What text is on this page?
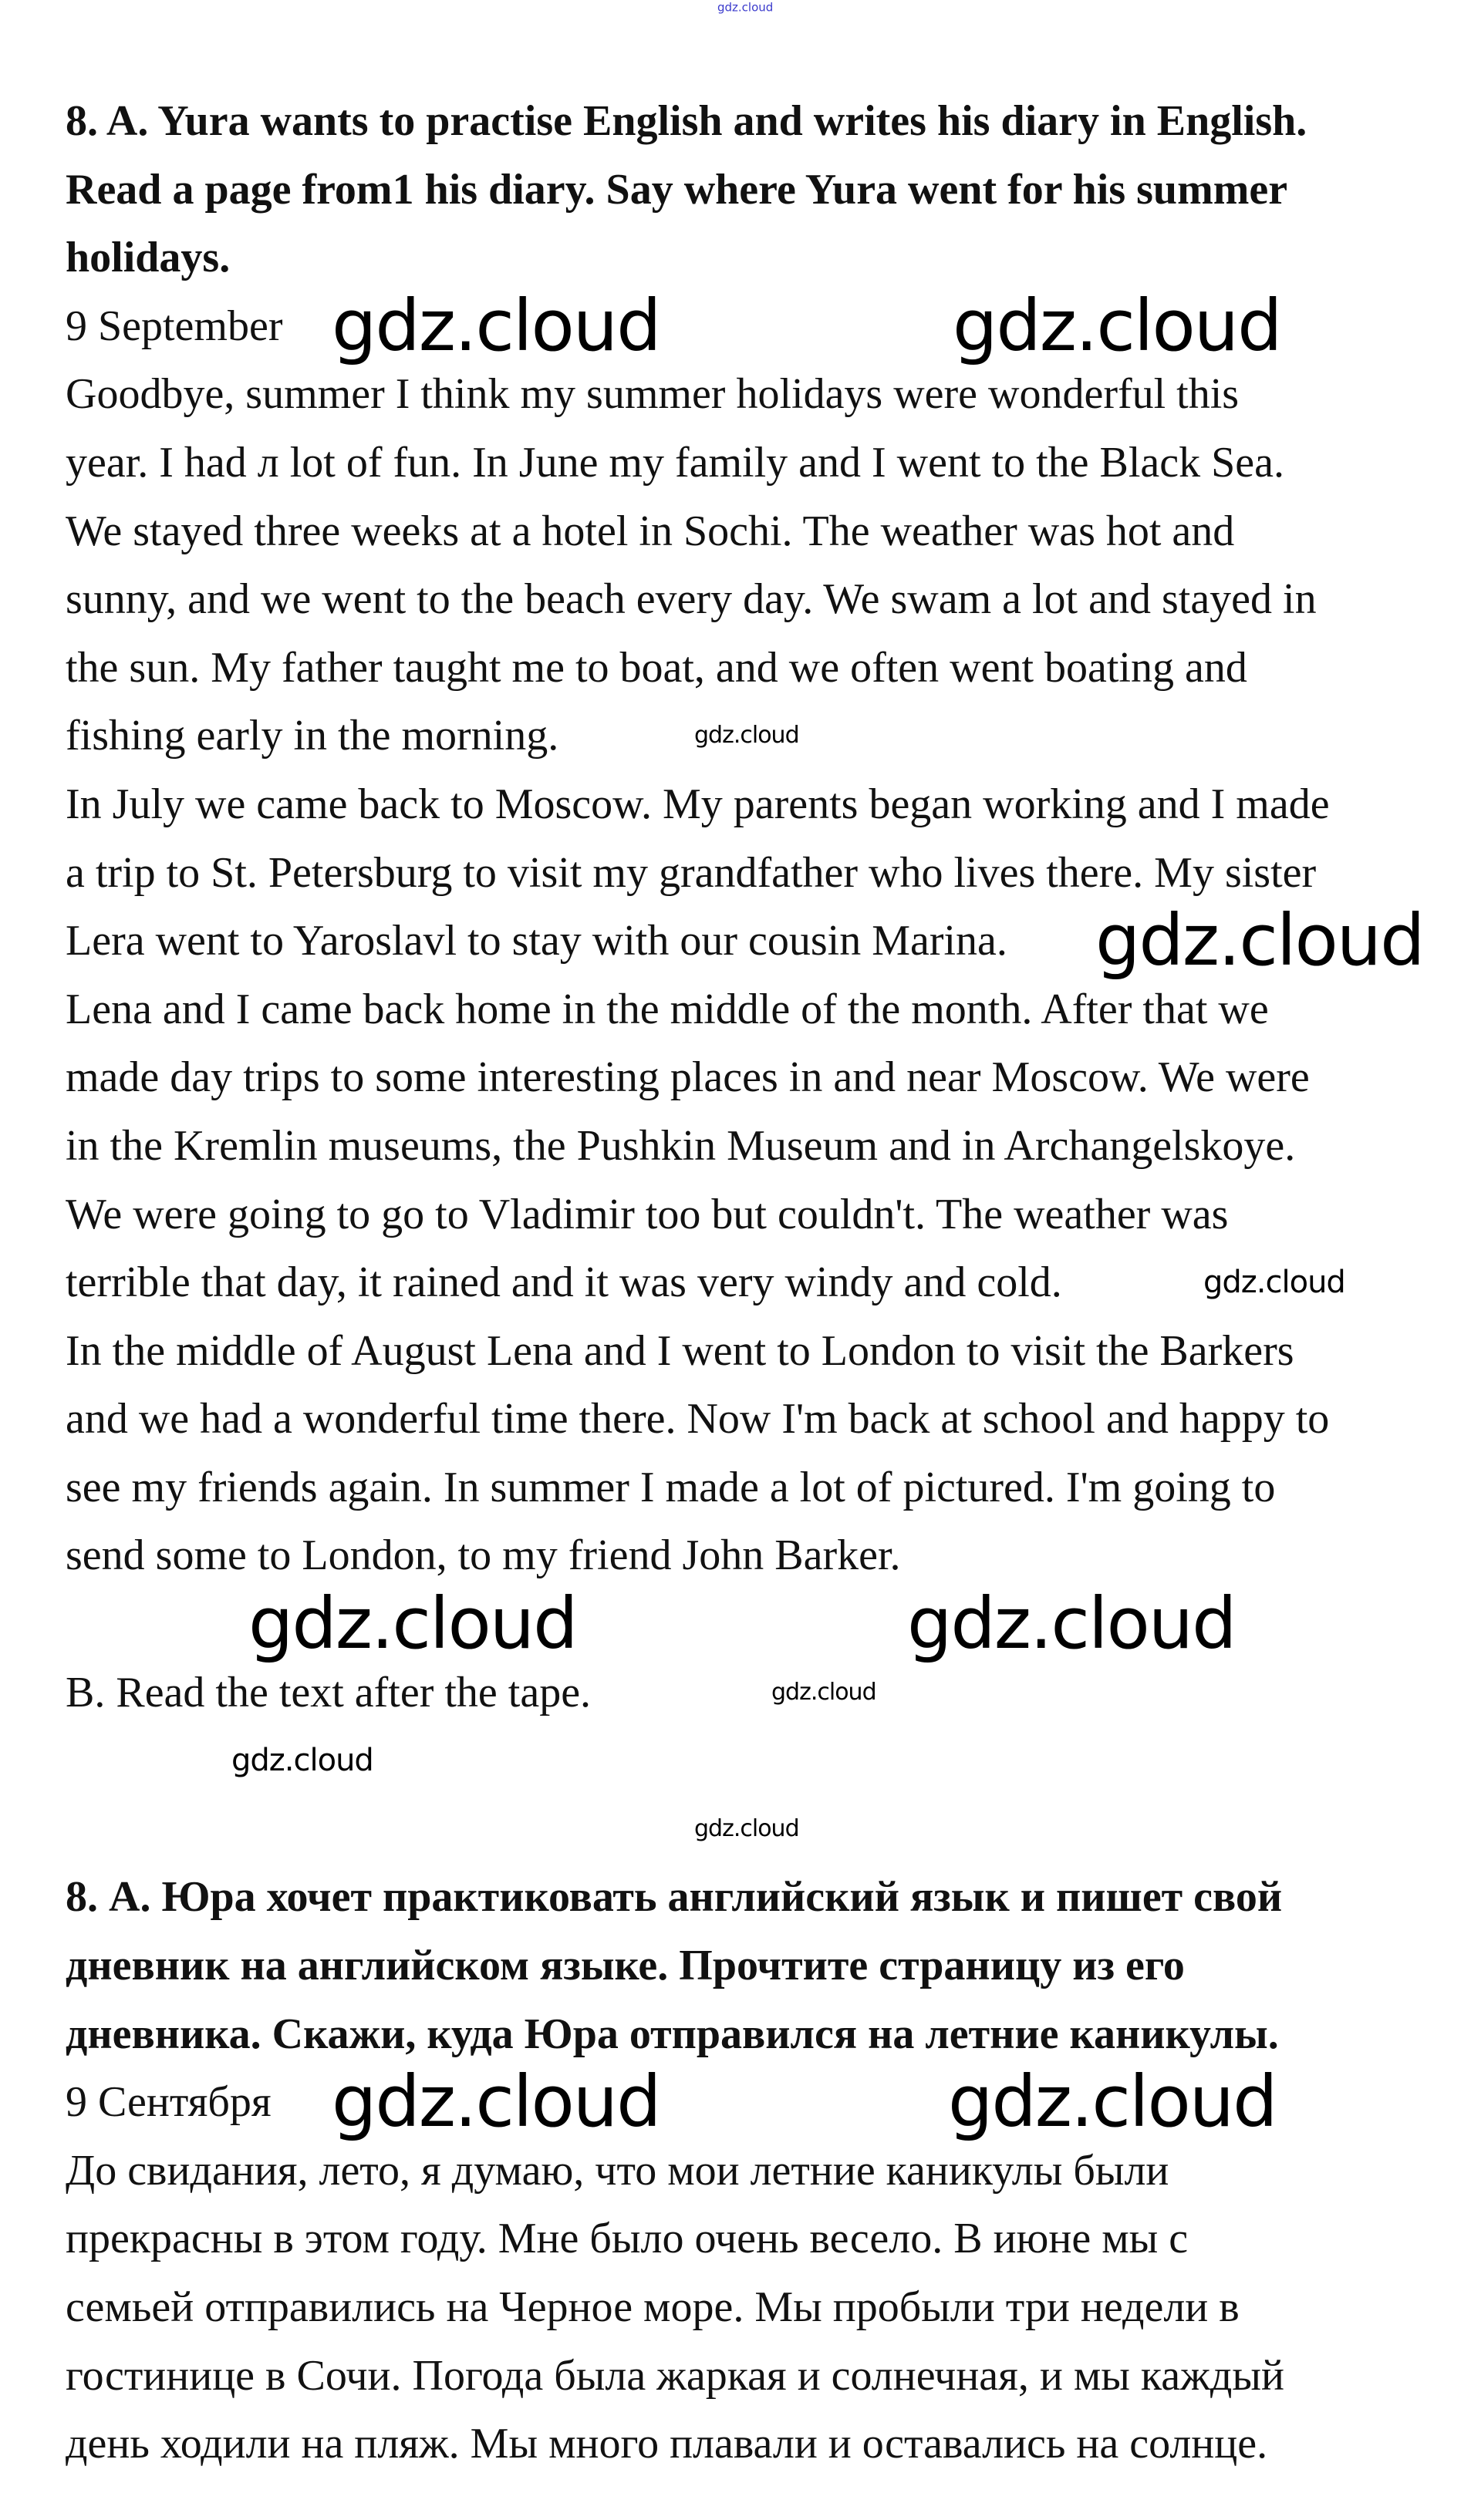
8. A. Yura wants to practise English and writes his diary in English.
Read a page from1 his diary. Say where Yura went for his summer
holidays.
9 September
Goodbye, summer I think my summer holidays were wonderful this
year. I had л lot of fun. In June my family and I went to the Black Sea.
We stayed three weeks at a hotel in Sochi. The weather was hot and
sunny, and we went to the beach every day. We swam a lot and stayed in
the sun. My father taught me to boat, and we often went boating and
fishing early in the morning.
In July we came back to Moscow. My parents began working and I made
a trip to St. Petersburg to visit my grandfather who lives there. My sister
Lera went to Yaroslavl to stay with our cousin Marina.
Lena and I came back home in the middle of the month. After that we
made day trips to some interesting places in and near Moscow. We were
in the Kremlin museums, the Pushkin Museum and in Archangelskoye.
We were going to go to Vladimir too but couldn't. The weather was
terrible that day, it rained and it was very windy and cold.
In the middle of August Lena and I went to London to visit the Barkers
and we had a wonderful time there. Now I'm back at school and happy to
see my friends again. In summer I made a lot of pictured. I'm going to
send some to London, to my friend John Barker.
B. Read the text after the tape.
8. А. Юра хочет практиковать английский язык и пишет свой
дневник на английском языке. Прочтите страницу из его
дневника. Скажи, куда Юра отправился на летние каникулы.
9 Сентября
До свидания, лето, я думаю, что мои летние каникулы были
прекрасны в этом году. Мне было очень весело. В июне мы с
семьей отправились на Черное море. Мы пробыли три недели в
гостинице в Сочи. Погода была жаркая и солнечная, и мы каждый
день ходили на пляж. Мы много плавали и оставались на солнце.
gdz.cloud
gdz.cloud	gdz.cloud
gdz.cloud
gdz.cloud
gdz.cloud
gdz.cloud
gdz.cloud
gdz.cloud
gdz.cloud	gdz.cloud
gdz.cloud	gdz.cloud
